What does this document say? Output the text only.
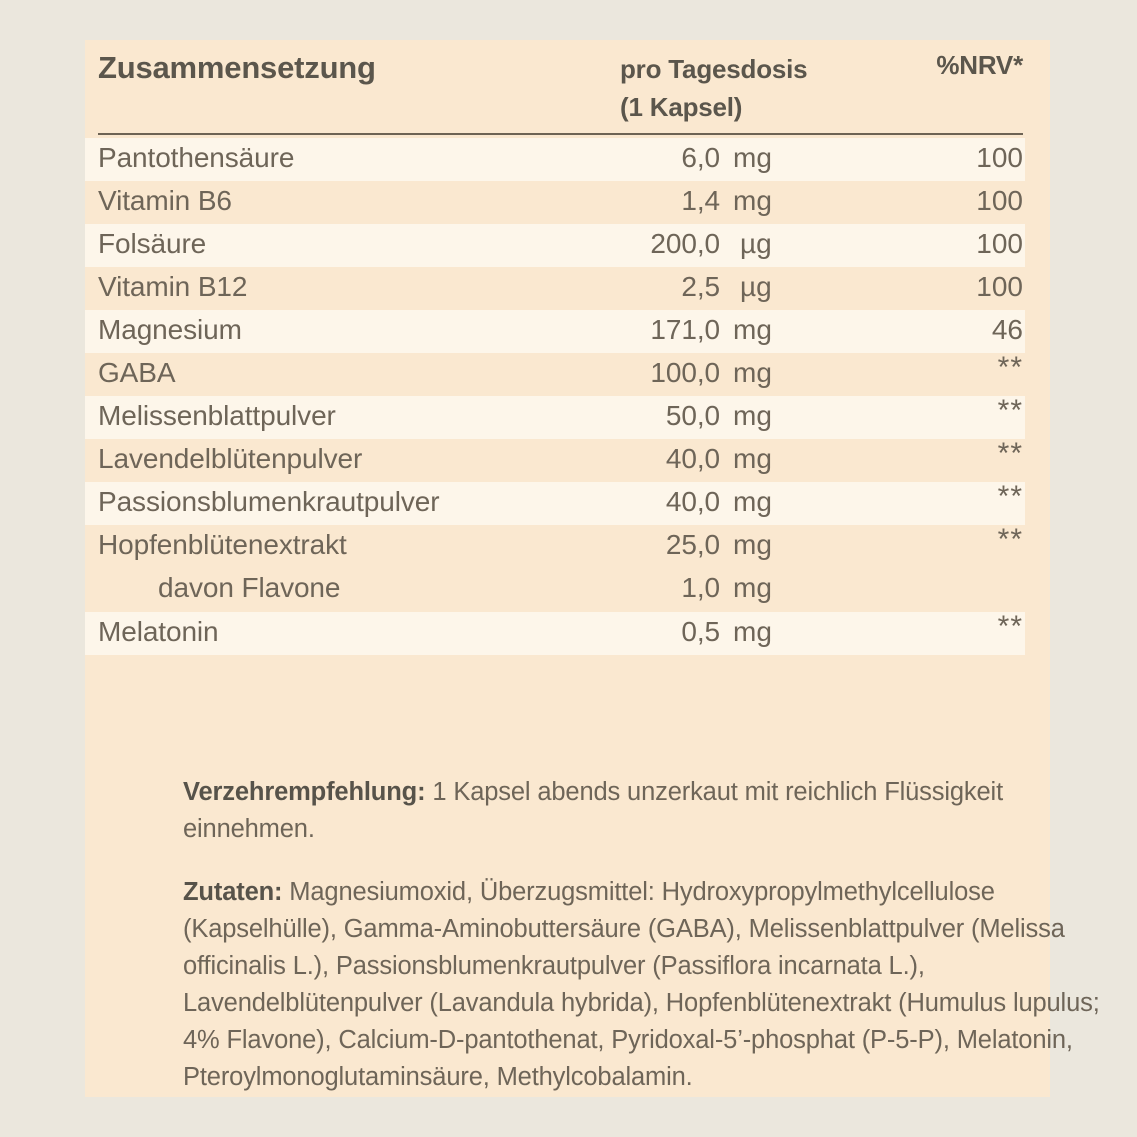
Zusammensetzung	pro Tagesdosis
(1 Kapsel)
%NRV*
Pantothensäure	6,0 mg	100
Vitamin B6	1,4 mg	100
Folsäure	200,0 µg	100
Vitamin B12	2,5 µg	100
Magnesium	171,0 mg	46
GABA	100,0 mg	**
Melissenblattpulver	50,0 mg	**
Lavendelblütenpulver	40,0 mg	**
Passionsblumenkrautpulver	40,0 mg	**
Hopfenblütenextrakt	25,0 mg	**
davon Flavone	1,0 mg
Melatonin	0,5 mg	**
Verzehrempfehlung: 1 Kapsel abends unzerkaut mit reichlich Flüssigkeit einnehmen.
Zutaten: Magnesiumoxid, Überzugsmittel: Hydroxypropylmethylcellulose (Kapselhülle), Gamma-Aminobuttersäure (GABA), Melissenblattpulver (Melissa officinalis L.), Passionsblumenkrautpulver (Passiflora incarnata L.), Lavendelblütenpulver (Lavandula hybrida), Hopfenblütenextrakt (Humulus lupulus; 4% Flavone), Calcium-D-pantothenat, Pyridoxal-5’-phosphat (P-5-P), Melatonin, Pteroylmonoglutaminsäure, Methylcobalamin.
